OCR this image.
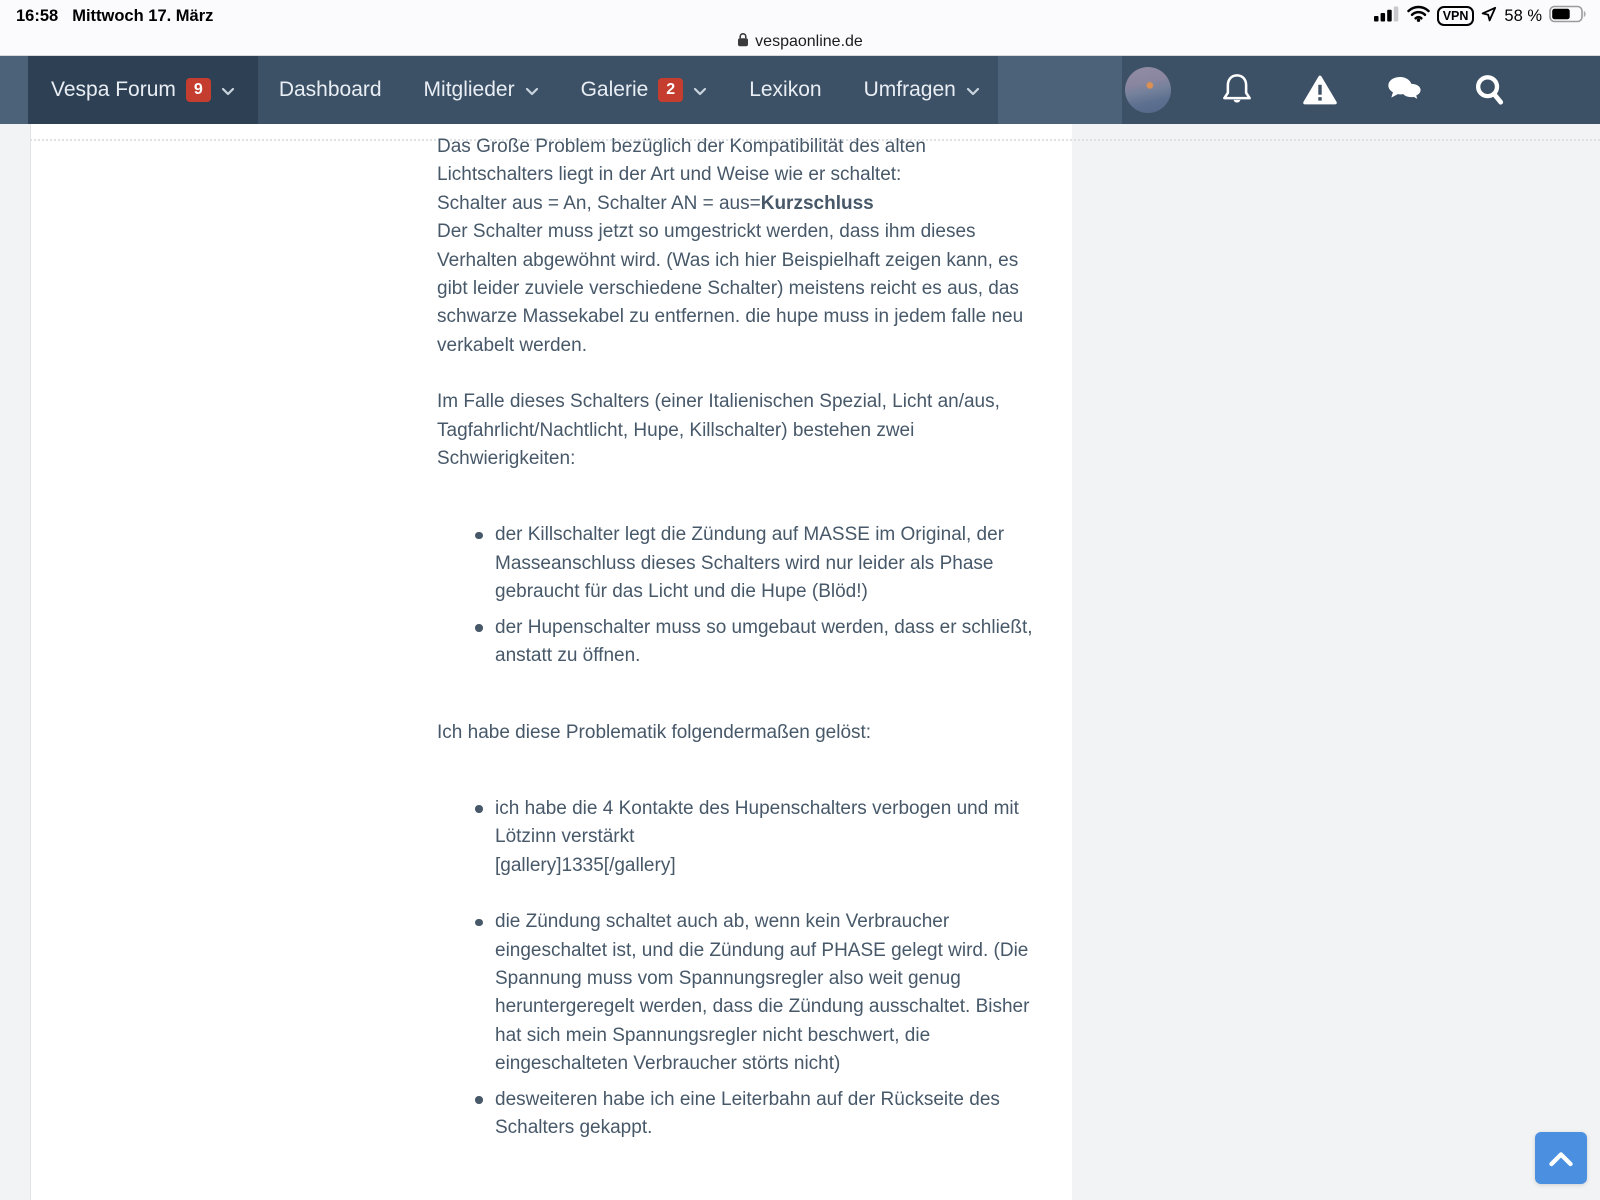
16:58 Mittwoch 17. März	VPN	58 %
vespaonline.de
Vespa Forum	9	Dashboard Mitglieder	Galerie	2	Lexikon Umfragen

Das Große Problem bezüglich der Kompatibilität des alten Lichtschalters liegt in der Art und Weise wie er schaltet:
Schalter aus = An, Schalter AN = aus=Kurzschluss
Der Schalter muss jetzt so umgestrickt werden, dass ihm dieses Verhalten abgewöhnt wird. (Was ich hier Beispielhaft zeigen kann, es gibt leider zuviele verschiedene Schalter) meistens reicht es aus, das schwarze Massekabel zu entfernen. die hupe muss in jedem falle neu verkabelt werden.

Im Falle dieses Schalters (einer Italienischen Spezial, Licht an/aus, Tagfahrlicht/Nachtlicht, Hupe, Killschalter) bestehen zwei Schwierigkeiten:

der Killschalter legt die Zündung auf MASSE im Original, der Masseanschluss dieses Schalters wird nur leider als Phase gebraucht für das Licht und die Hupe (Blöd!)
der Hupenschalter muss so umgebaut werden, dass er schließt, anstatt zu öffnen.

Ich habe diese Problematik folgendermaßen gelöst:

ich habe die 4 Kontakte des Hupenschalters verbogen und mit Lötzinn verstärkt

[gallery]1335[/gallery]

die Zündung schaltet auch ab, wenn kein Verbraucher eingeschaltet ist, und die Zündung auf PHASE gelegt wird. (Die Spannung muss vom Spannungsregler also weit genug heruntergeregelt werden, dass die Zündung ausschaltet. Bisher hat sich mein Spannungsregler nicht beschwert, die eingeschalteten Verbraucher störts nicht)
desweiteren habe ich eine Leiterbahn auf der Rückseite des Schalters gekappt.
